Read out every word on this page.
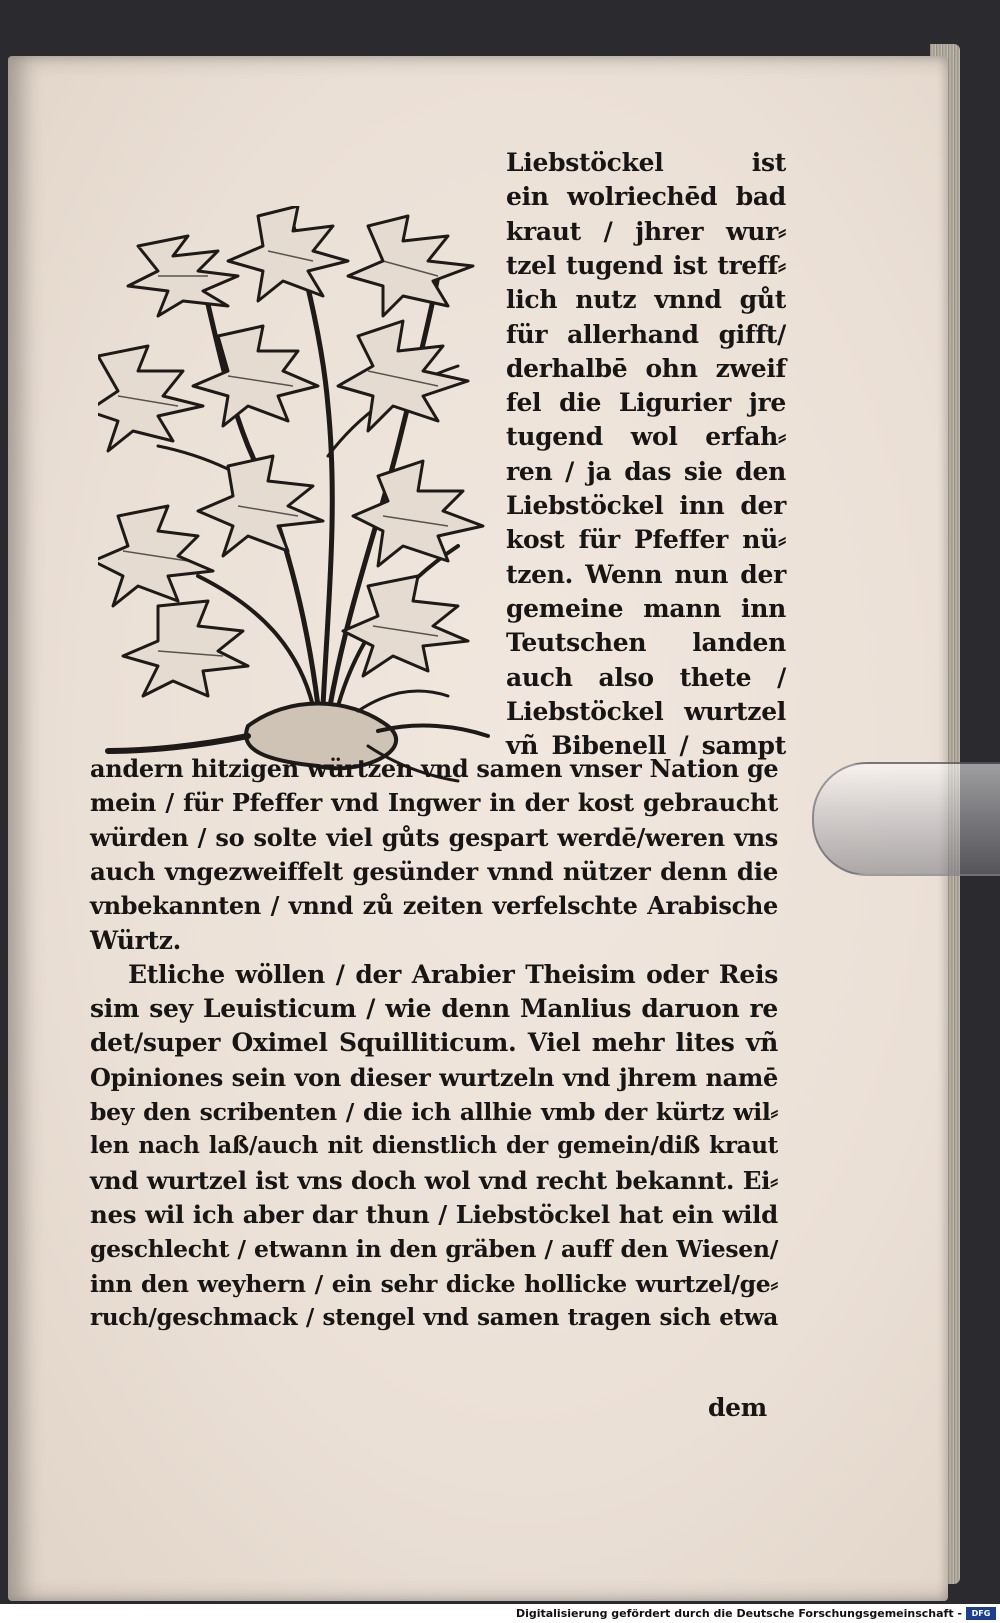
Liebstöckel	ist
ein wolriechēd bad
kraut / jhrer wur⸗
tzel tugend ist treff⸗
lich nutz vnnd gůt
für allerhand gifft/
derhalbē ohn zweif
fel die Ligurier jre
tugend wol erfah⸗
ren / ja das sie den
Liebstöckel inn der
kost für Pfeffer nü⸗
tzen. Wenn nun der
gemeine mann inn
Teutschen landen
auch also thete /
Liebstöckel wurtzel
vñ Bibenell / sampt
andern hitzigen würtzen vnd samen vnser Nation ge
mein / für Pfeffer vnd Ingwer in der kost gebraucht
würden / so solte viel gůts gespart werdē/weren vns
auch vngezweiffelt gesünder vnnd nützer denn die
vnbekannten / vnnd zů zeiten verfelschte Arabische
Würtz.
Etliche wöllen / der Arabier Theisim oder Reis
sim sey Leuisticum / wie denn Manlius daruon re
det/super Oximel Squilliticum. Viel mehr lites vñ
Opiniones sein von dieser wurtzeln vnd jhrem namē
bey den scribenten / die ich allhie vmb der kürtz wil⸗
len nach laß/auch nit dienstlich der gemein/diß kraut
vnd wurtzel ist vns doch wol vnd recht bekannt. Ei⸗
nes wil ich aber dar thun / Liebstöckel hat ein wild
geschlecht / etwann in den gräben / auff den Wiesen/
inn den weyhern / ein sehr dicke hollicke wurtzel/ge⸗
ruch/geschmack / stengel vnd samen tragen sich etwa
dem
Digitalisierung gefördert durch die Deutsche Forschungsgemeinschaft -	DFG
